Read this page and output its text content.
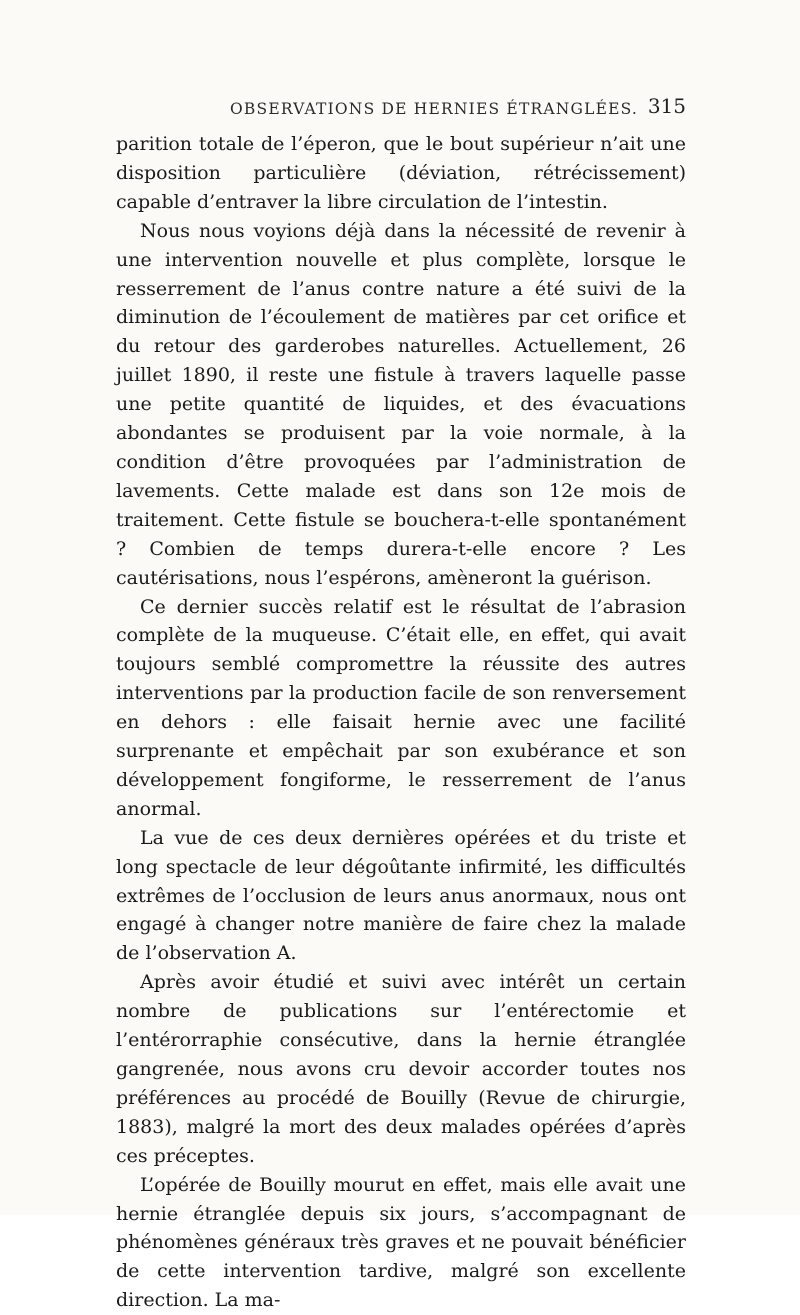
OBSERVATIONS DE HERNIES ÉTRANGLÉES. 315

parition totale de l’éperon, que le bout supérieur n’ait une disposition particulière (déviation, rétrécissement) capable d’entraver la libre circulation de l’intestin.

Nous nous voyions déjà dans la nécessité de revenir à une intervention nouvelle et plus complète, lorsque le resserrement de l’anus contre nature a été suivi de la diminution de l’écoulement de matières par cet orifice et du retour des garderobes naturelles. Actuellement, 26 juillet 1890, il reste une fistule à travers laquelle passe une petite quantité de liquides, et des évacuations abondantes se produisent par la voie normale, à la condition d’être provoquées par l’administration de lavements. Cette malade est dans son 12e mois de traitement. Cette fistule se bouchera-t-elle spontanément ? Combien de temps durera-t-elle encore ? Les cautérisations, nous l’espérons, amèneront la guérison.

Ce dernier succès relatif est le résultat de l’abrasion complète de la muqueuse. C’était elle, en effet, qui avait toujours semblé compromettre la réussite des autres interventions par la production facile de son renversement en dehors : elle faisait hernie avec une facilité surprenante et empêchait par son exubérance et son développement fongiforme, le resserrement de l’anus anormal.

La vue de ces deux dernières opérées et du triste et long spectacle de leur dégoûtante infirmité, les difficultés extrêmes de l’occlusion de leurs anus anormaux, nous ont engagé à changer notre manière de faire chez la malade de l’observation A.

Après avoir étudié et suivi avec intérêt un certain nombre de publications sur l’entérectomie et l’entérorraphie consécutive, dans la hernie étranglée gangrenée, nous avons cru devoir accorder toutes nos préférences au procédé de Bouilly (Revue de chirurgie, 1883), malgré la mort des deux malades opérées d’après ces préceptes.

L’opérée de Bouilly mourut en effet, mais elle avait une hernie étranglée depuis six jours, s’accompagnant de phénomènes généraux très graves et ne pouvait bénéficier de cette intervention tardive, malgré son excellente direction. La ma-
